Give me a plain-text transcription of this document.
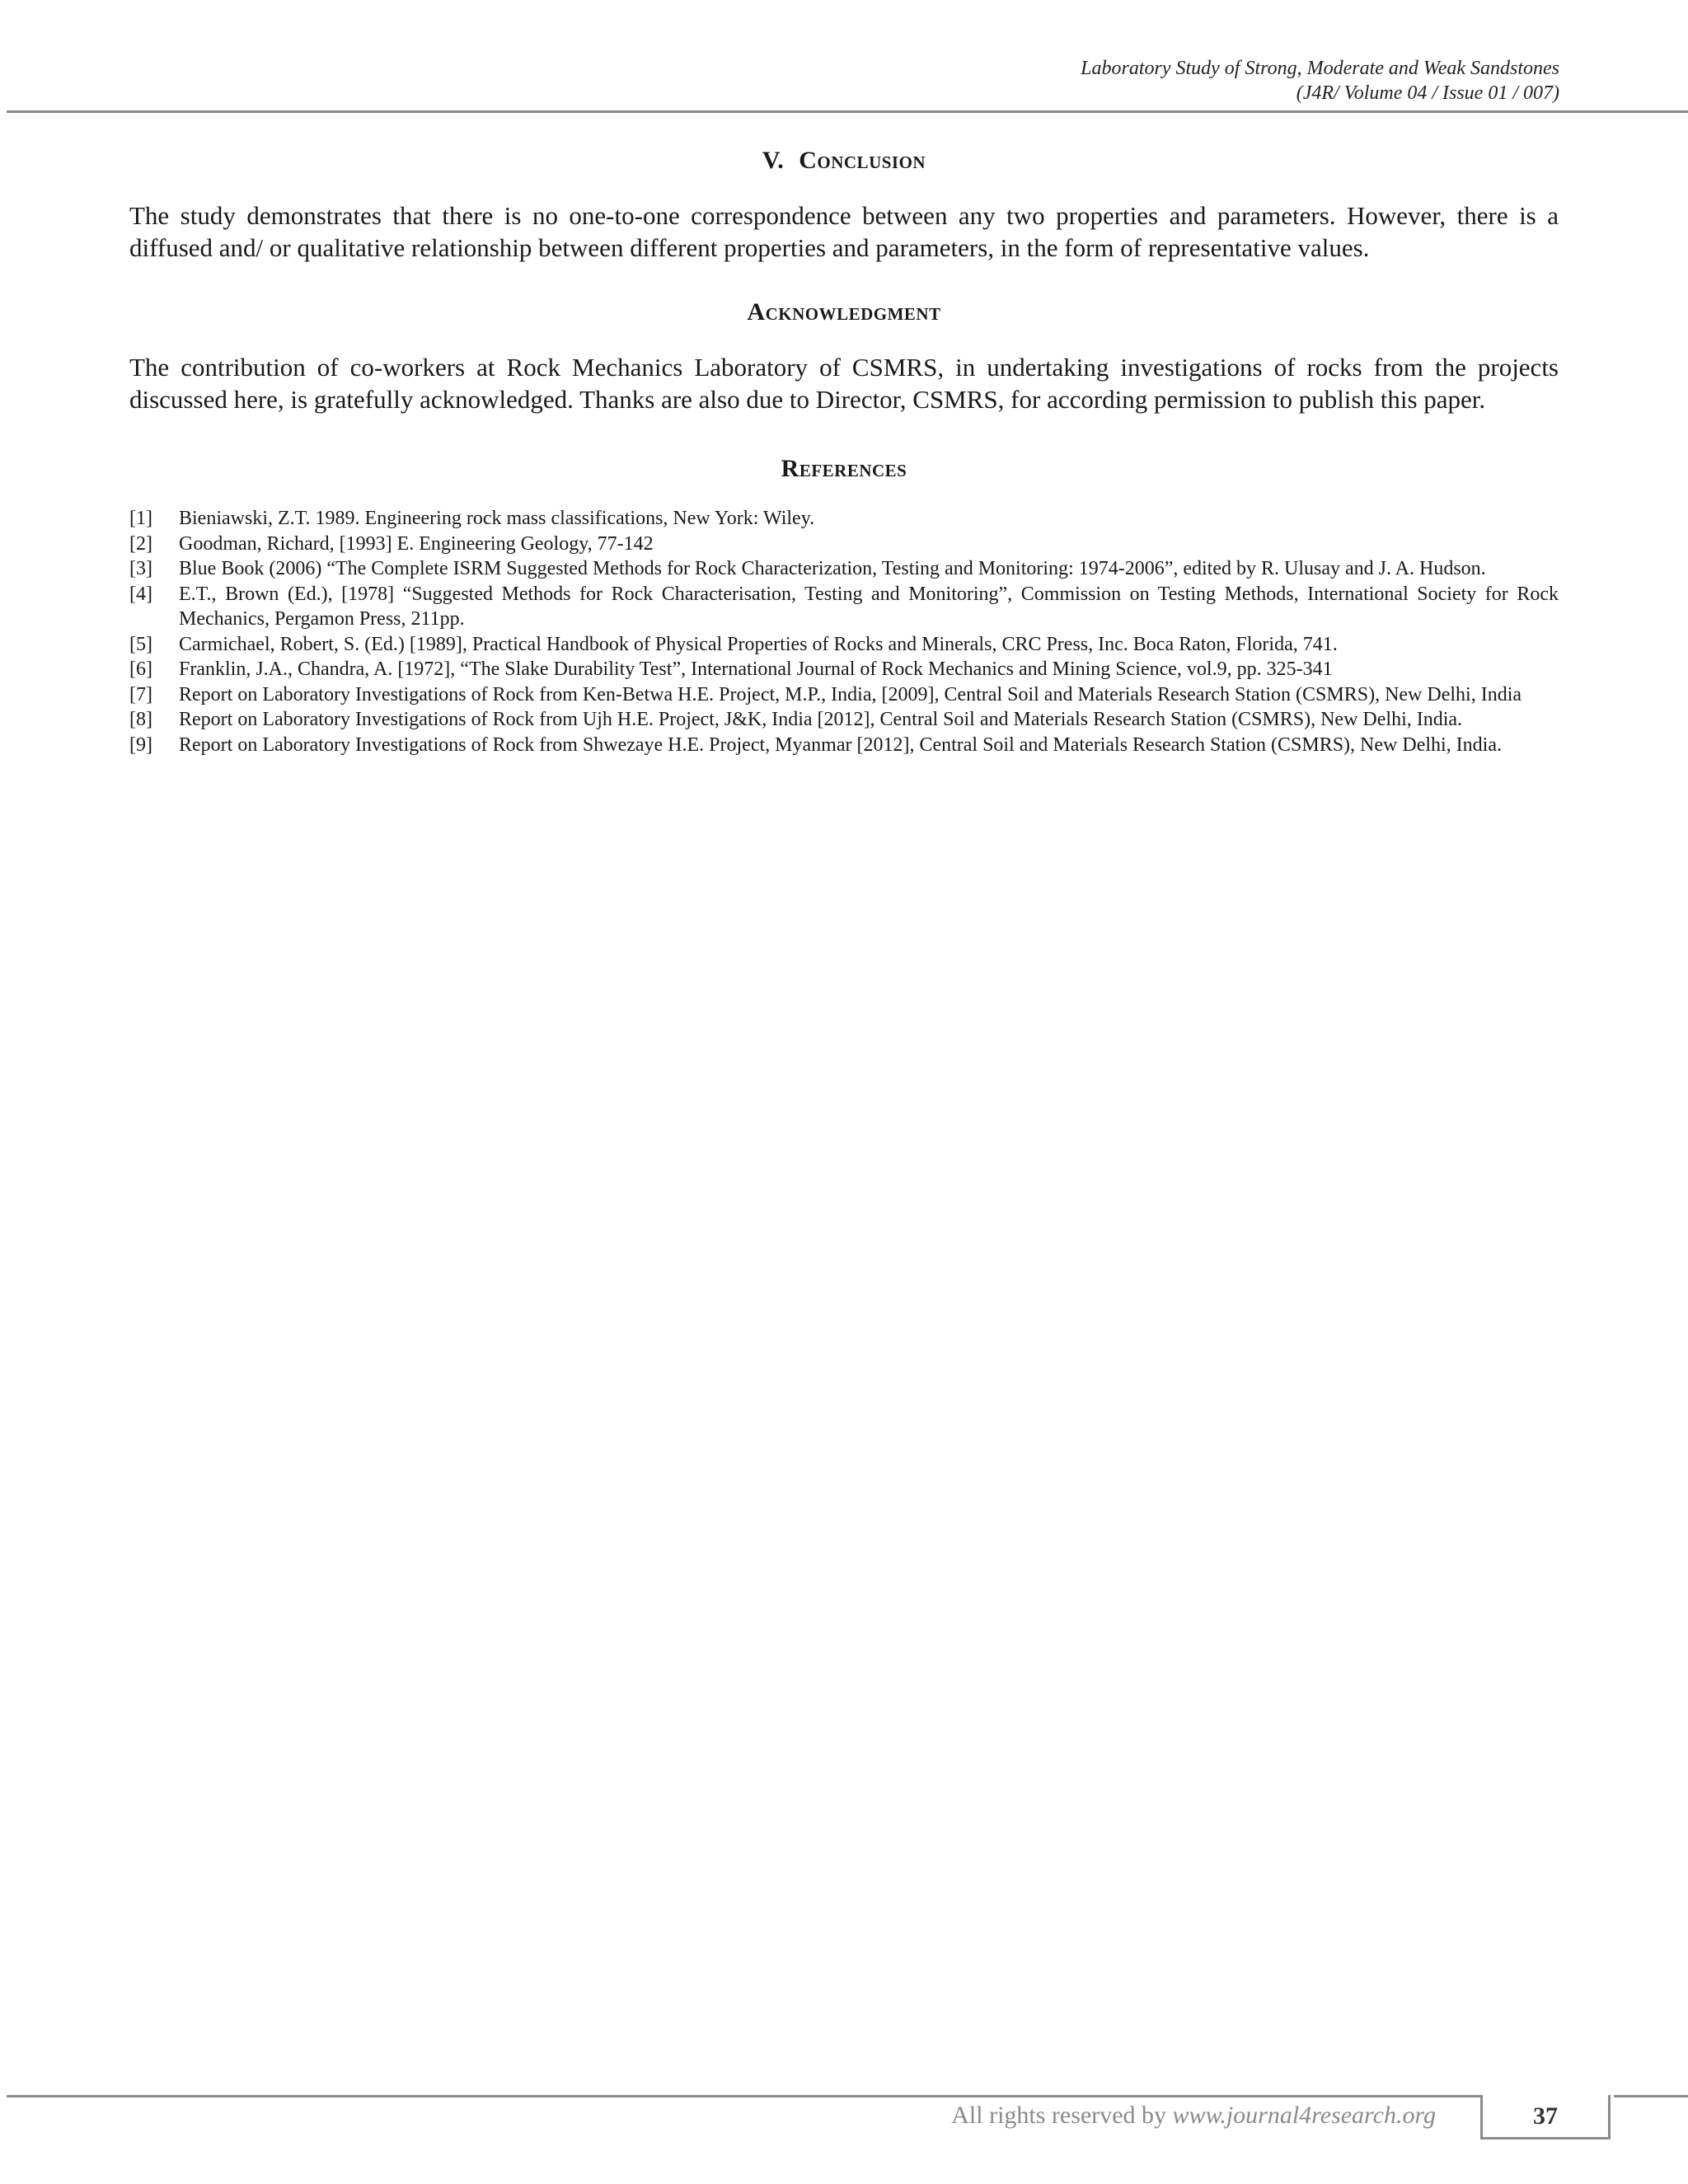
Laboratory Study of Strong, Moderate and Weak Sandstones
(J4R/ Volume 04 / Issue 01 / 007)
V. Conclusion

The study demonstrates that there is no one-to-one correspondence between any two properties and parameters. However, there is a diffused and/ or qualitative relationship between different properties and parameters, in the form of representative values.

Acknowledgment

The contribution of co-workers at Rock Mechanics Laboratory of CSMRS, in undertaking investigations of rocks from the projects discussed here, is gratefully acknowledged. Thanks are also due to Director, CSMRS, for according permission to publish this paper.

References
[1]	Bieniawski, Z.T. 1989. Engineering rock mass classifications, New York: Wiley.
[2]	Goodman, Richard, [1993] E. Engineering Geology, 77-142
[3]	Blue Book (2006) “The Complete ISRM Suggested Methods for Rock Characterization, Testing and Monitoring: 1974-2006”, edited by R. Ulusay and J. A. Hudson.
[4]	E.T., Brown (Ed.), [1978] “Suggested Methods for Rock Characterisation, Testing and Monitoring”, Commission on Testing Methods, International Society for Rock Mechanics, Pergamon Press, 211pp.
[5]	Carmichael, Robert, S. (Ed.) [1989], Practical Handbook of Physical Properties of Rocks and Minerals, CRC Press, Inc. Boca Raton, Florida, 741.
[6]	Franklin, J.A., Chandra, A. [1972], “The Slake Durability Test”, International Journal of Rock Mechanics and Mining Science, vol.9, pp. 325-341
[7]	Report on Laboratory Investigations of Rock from Ken-Betwa H.E. Project, M.P., India, [2009], Central Soil and Materials Research Station (CSMRS), New Delhi, India
[8]	Report on Laboratory Investigations of Rock from Ujh H.E. Project, J&K, India [2012], Central Soil and Materials Research Station (CSMRS), New Delhi, India.
[9]	Report on Laboratory Investigations of Rock from Shwezaye H.E. Project, Myanmar [2012], Central Soil and Materials Research Station (CSMRS), New Delhi, India.
All rights reserved by www.journal4research.org	37
